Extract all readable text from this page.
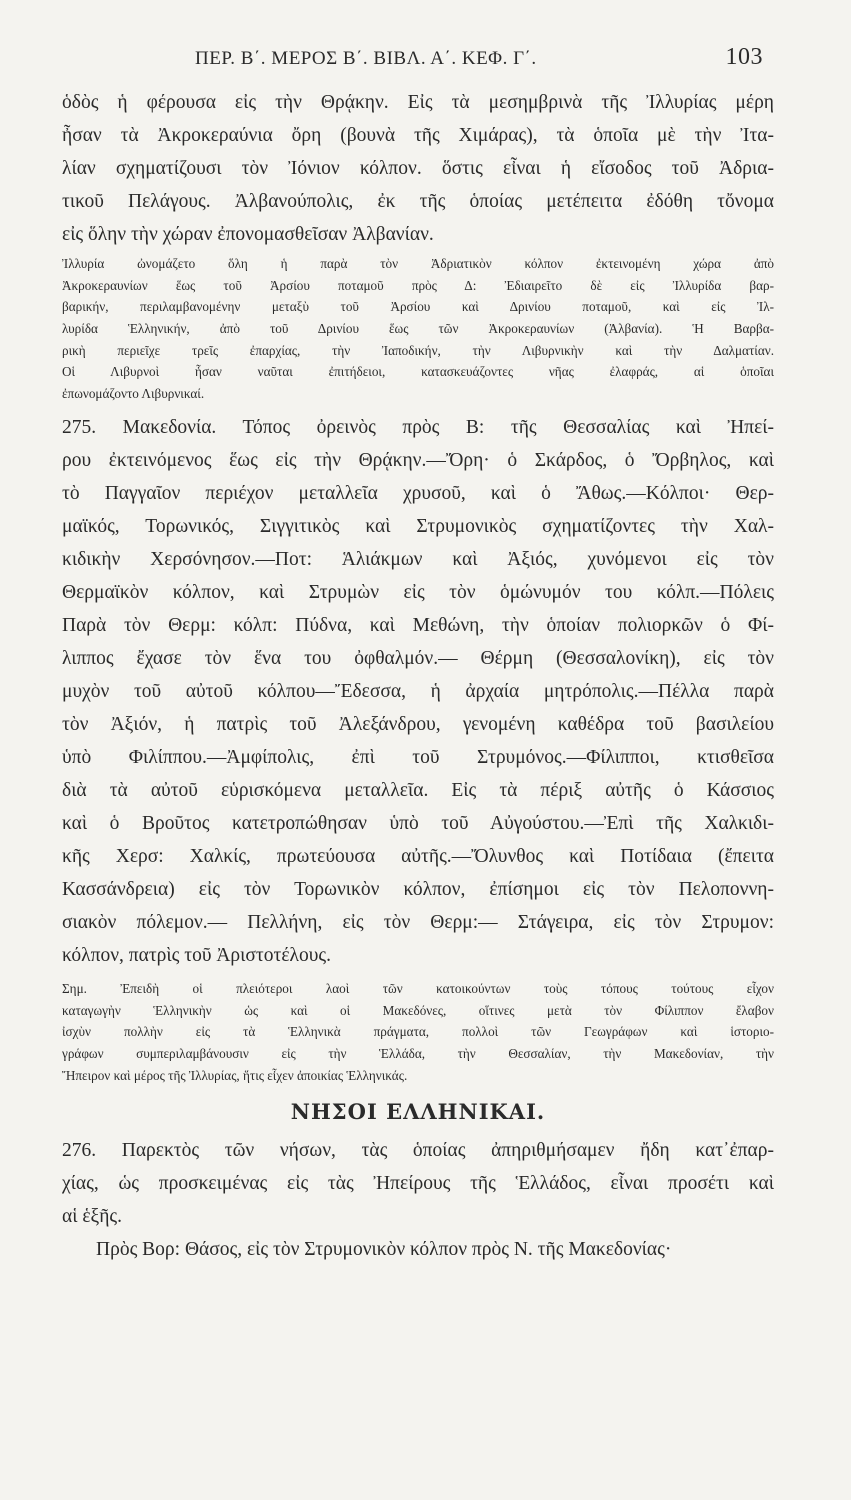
ΠΕΡ. Β΄. ΜΕΡΟΣ Β΄. ΒΙΒΛ. Α΄. ΚΕΦ. Γ΄.	103
ὁδὸς ἡ φέρουσα εἰς τὴν Θρᾴκην. Εἰς τὰ μεσημβρινὰ τῆς Ἰλλυρίας μέρη
ἦσαν τὰ Ἀκροκεραύνια ὄρη (βουνὰ τῆς Χιμάρας), τὰ ὁποῖα μὲ τὴν Ἰτα-
λίαν σχηματίζουσι τὸν Ἰόνιον κόλπον. ὅστις εἶναι ἡ εἴσοδος τοῦ Ἀδρια-
τικοῦ Πελάγους. Ἀλβανούπολις, ἐκ τῆς ὁποίας μετέπειτα ἐδόθη τὄνομα
εἰς ὅλην τὴν χώραν ἐπονομασθεῖσαν Ἀλβανίαν.
Ἰλλυρία ὠνομάζετο ὅλη ἡ παρὰ τὸν Ἀδριατικὸν κόλπον ἐκτεινομένη χώρα ἀπὸ
Ἀκροκεραυνίων ἕως τοῦ Ἀρσίου ποταμοῦ πρὸς Δ: Ἐδιαιρεῖτο δὲ εἰς Ἰλλυρίδα βαρ-
βαρικήν, περιλαμβανομένην μεταξὺ τοῦ Ἀρσίου καὶ Δρινίου ποταμοῦ, καὶ εἰς Ἰλ-
λυρίδα Ἑλληνικήν, ἀπὸ τοῦ Δρινίου ἕως τῶν Ἀκροκεραυνίων (Ἀλβανία). Ἡ Βαρβα-
ρικὴ περιεῖχε τρεῖς ἐπαρχίας, τὴν Ἰαποδικήν, τὴν Λιβυρνικὴν καὶ τὴν Δαλματίαν.
Οἱ Λιβυρνοὶ ἦσαν ναῦται ἐπιτήδειοι, κατασκευάζοντες νῆας ἐλαφράς, αἱ ὁποῖαι
ἐπωνομάζοντο Λιβυρνικαί.
275. Μακεδονία. Τόπος ὀρεινὸς πρὸς Β: τῆς Θεσσαλίας καὶ Ἠπεί-
ρου ἐκτεινόμενος ἕως εἰς τὴν Θρᾴκην.—Ὄρη· ὁ Σκάρδος, ὁ Ὄρβηλος, καὶ
τὸ Παγγαῖον περιέχον μεταλλεῖα χρυσοῦ, καὶ ὁ Ἄθως.—Κόλποι· Θερ-
μαϊκός, Τορωνικός, Σιγγιτικὸς καὶ Στρυμονικὸς σχηματίζοντες τὴν Χαλ-
κιδικὴν Χερσόνησον.—Ποτ: Ἁλιάκμων καὶ Ἀξιός, χυνόμενοι εἰς τὸν
Θερμαϊκὸν κόλπον, καὶ Στρυμὼν εἰς τὸν ὁμώνυμόν του κόλπ.—Πόλεις
Παρὰ τὸν Θερμ: κόλπ: Πύδνα, καὶ Μεθώνη, τὴν ὁποίαν πολιορκῶν ὁ Φί-
λιππος ἔχασε τὸν ἕνα του ὀφθαλμόν.— Θέρμη (Θεσσαλονίκη), εἰς τὸν
μυχὸν τοῦ αὐτοῦ κόλπου—Ἔδεσσα, ἡ ἀρχαία μητρόπολις.—Πέλλα παρὰ
τὸν Ἀξιόν, ἡ πατρὶς τοῦ Ἀλεξάνδρου, γενομένη καθέδρα τοῦ βασιλείου
ὑπὸ Φιλίππου.—Ἀμφίπολις, ἐπὶ τοῦ Στρυμόνος.—Φίλιπποι, κτισθεῖσα
διὰ τὰ αὐτοῦ εὑρισκόμενα μεταλλεῖα. Εἰς τὰ πέριξ αὐτῆς ὁ Κάσσιος
καὶ ὁ Βροῦτος κατετροπώθησαν ὑπὸ τοῦ Αὐγούστου.—Ἐπὶ τῆς Χαλκιδι-
κῆς Χερσ: Χαλκίς, πρωτεύουσα αὐτῆς.—Ὄλυνθος καὶ Ποτίδαια (ἔπειτα
Κασσάνδρεια) εἰς τὸν Τορωνικὸν κόλπον, ἐπίσημοι εἰς τὸν Πελοποννη-
σιακὸν πόλεμον.— Πελλήνη, εἰς τὸν Θερμ:— Στάγειρα, εἰς τὸν Στρυμον:
κόλπον, πατρὶς τοῦ Ἀριστοτέλους.
Σημ. Ἐπειδὴ οἱ πλειότεροι λαοὶ τῶν κατοικούντων τοὺς τόπους τούτους εἶχον
καταγωγὴν Ἑλληνικὴν ὡς καὶ οἱ Μακεδόνες, οἵτινες μετὰ τὸν Φίλιππον ἔλαβον
ἰσχὺν πολλὴν εἰς τὰ Ἑλληνικὰ πράγματα, πολλοὶ τῶν Γεωγράφων καὶ ἱστοριο-
γράφων συμπεριλαμβάνουσιν εἰς τὴν Ἑλλάδα, τὴν Θεσσαλίαν, τὴν Μακεδονίαν, τὴν
Ἤπειρον καὶ μέρος τῆς Ἰλλυρίας, ἥτις εἶχεν ἀποικίας Ἑλληνικάς.
ΝΗΣΟΙ ΕΛΛΗΝΙΚΑΙ.
276. Παρεκτὸς τῶν νήσων, τὰς ὁποίας ἀπηριθμήσαμεν ἤδη κατ᾽ἐπαρ-
χίας, ὡς προσκειμένας εἰς τὰς Ἠπείρους τῆς Ἑλλάδος, εἶναι προσέτι καὶ
αἱ ἑξῆς.
Πρὸς Βορ: Θάσος, εἰς τὸν Στρυμονικὸν κόλπον πρὸς Ν. τῆς Μακεδονίας·
